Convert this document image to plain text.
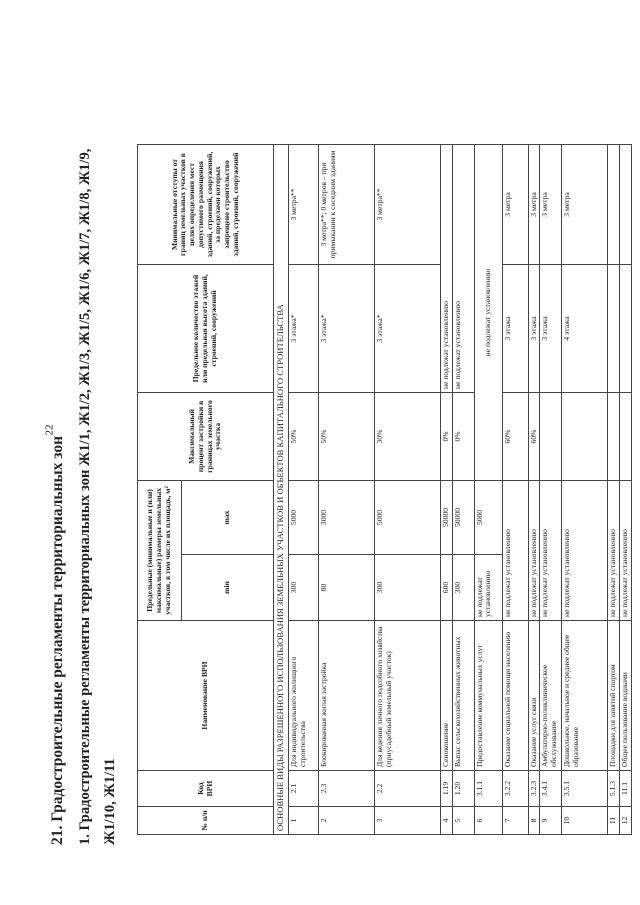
22
21. Градостроительные регламенты территориальных зон 1. Градостроительные регламенты территориальных зон Ж1/1, Ж1/2, Ж1/3, Ж1/5, Ж1/6, Ж1/7, Ж1/8, Ж1/9, Ж1/10, Ж1/11	№ п/п	Код ВРИ	Наименование ВРИ	Предельные (минимальные и (или) максимальные) размеры земельных участков, в том числе их площадь, м²		Максимальный процент застройки в границах земельного участка	Предельное количество этажей или предельная высота зданий, строений, сооружений	Минимальные отступы от границ земельных участков в целях определения мест допустимого размещения зданий, строений, сооружений, за пределами которых запрещено строительство зданий, строений, сооружений
			min	max			
ОСНОВНЫЕ ВИДЫ РАЗРЕШЕННОГО ИСПОЛЬЗОВАНИЯ ЗЕМЕЛЬНЫХ УЧАСТКОВ И ОБЪЕКТОВ КАПИТАЛЬНОГО СТРОИТЕЛЬСТВА							
1	2.1	Для индивидуального жилищного строительства	300	5000	50%	3 этажа*	3 метра**
2	2.3	Блокированная жилая застройка	80	3000	50%	3 этажа*	3 метра**; 0 метров – при примыкании к соседним зданиям
3	2.2	Для ведения личного подсобного хозяйства (приусадебный земельный участок)	300	5000	30%	3 этажа*	3 метра**
4	1.19	Сенокошение	600	50000	0%	не подлежат установлению	
5	1.20	Выпас сельскохозяйственных животных	300	50000	0%	не подлежат установлению	
6	3.1.1	Предоставление коммунальных услуг	не подлежат установлению	5000	не подлежат установлению		
7	3.2.2	Оказание социальной помощи населению	не подлежат установлению		60%	3 этажа	3 метра
8	3.2.3	Оказание услуг связи	не подлежат установлению		60%	3 этажа	3 метра
9	3.4.1	Амбулаторно-поликлиническое обслуживание	не подлежат установлению			3 этажа	3 метра
10	3.5.1	Дошкольное, начальное и среднее общее образование	не подлежат установлению			4 этажа	3 метра
11	5.1.3	Площадки для занятий спортом	не подлежат установлению				
12	11.1	Общее пользование водными	не подлежат установлению				
